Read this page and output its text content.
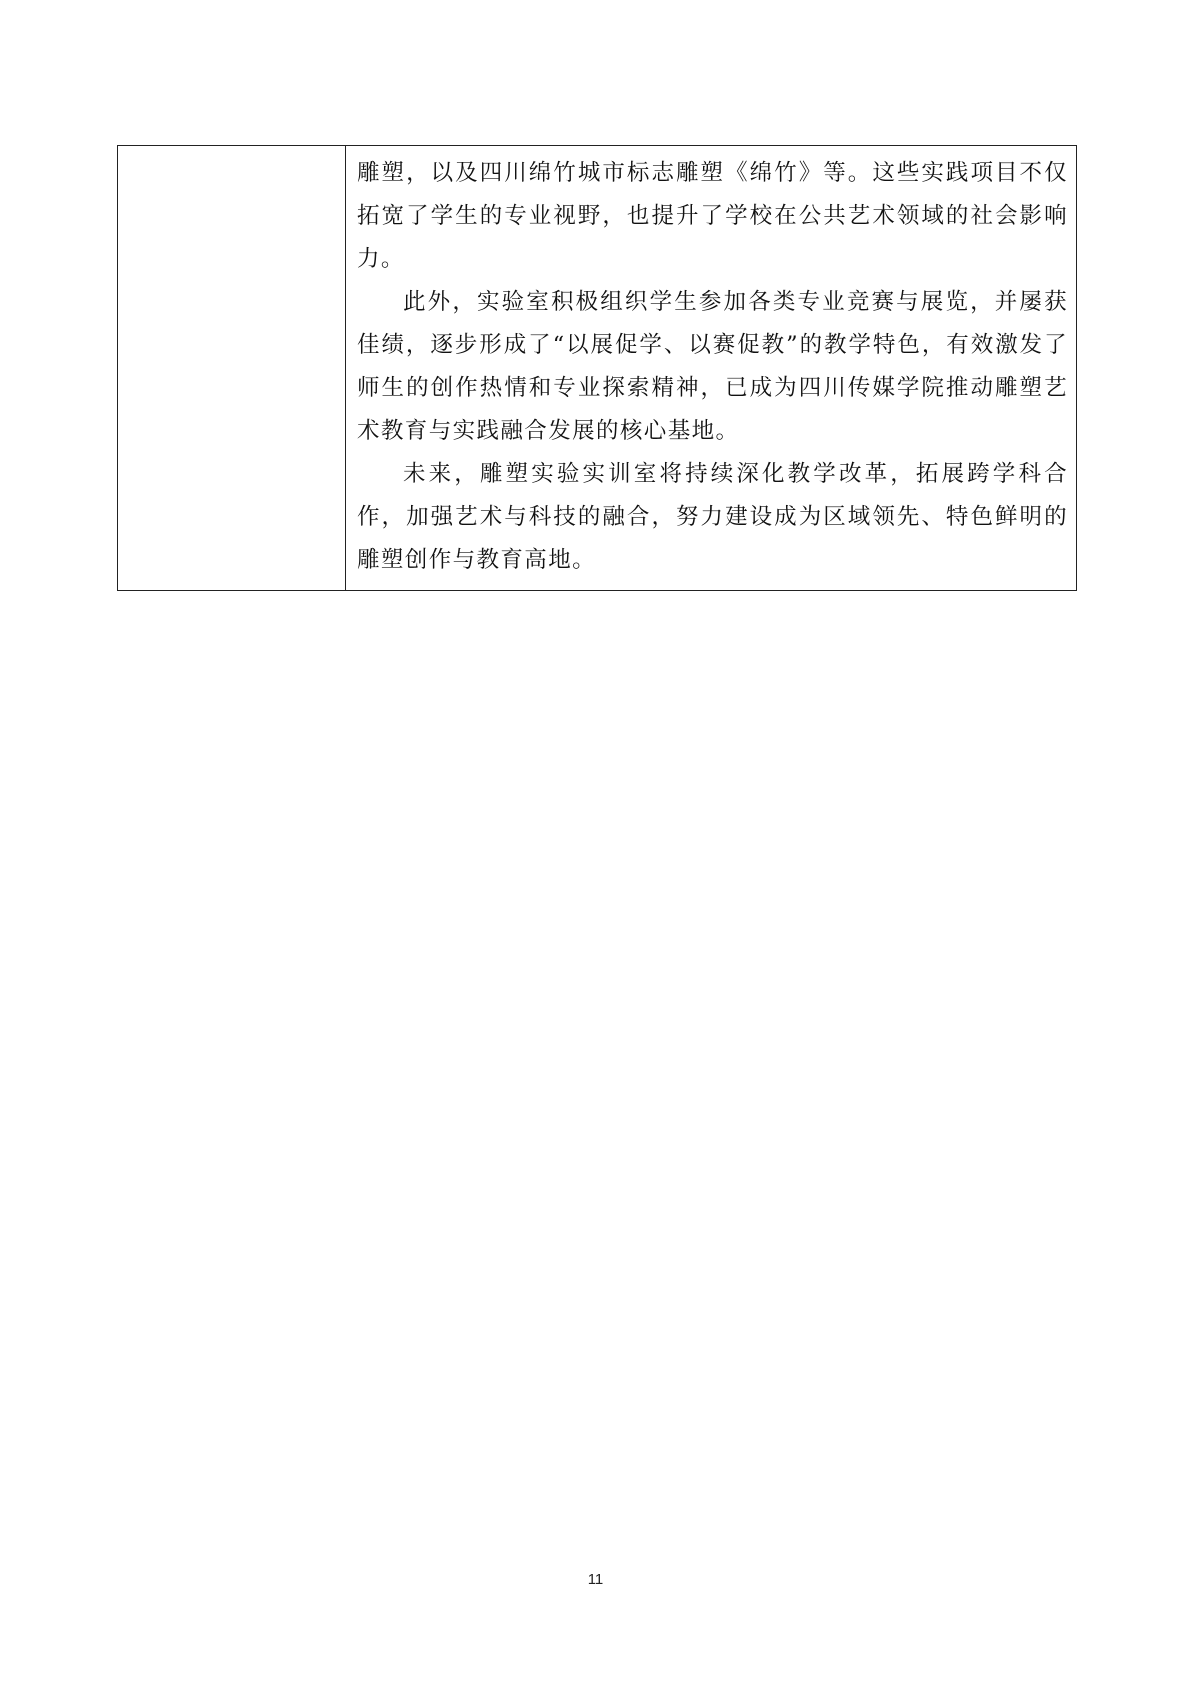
雕塑，以及四川绵竹城市标志雕塑《绵竹》等。这些实践项目不仅拓宽了学生的专业视野，也提升了学校在公共艺术领域的社会影响力。

此外，实验室积极组织学生参加各类专业竞赛与展览，并屡获佳绩，逐步形成了“以展促学、以赛促教”的教学特色，有效激发了师生的创作热情和专业探索精神，已成为四川传媒学院推动雕塑艺术教育与实践融合发展的核心基地。

未来，雕塑实验实训室将持续深化教学改革，拓展跨学科合作，加强艺术与科技的融合，努力建设成为区域领先、特色鲜明的雕塑创作与教育高地。

11
